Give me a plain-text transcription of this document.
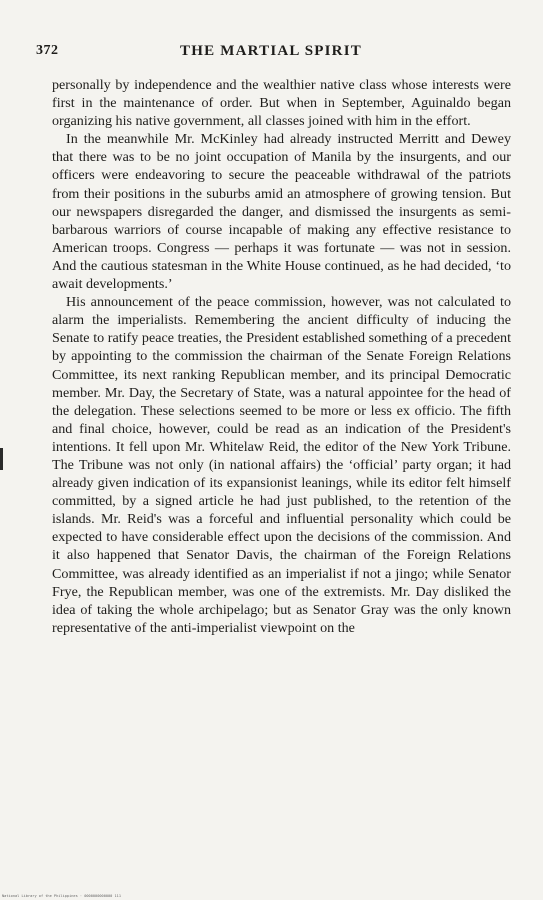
372	THE MARTIAL SPIRIT

personally by independence and the wealthier native class whose interests were first in the maintenance of order. But when in September, Aguinaldo began organizing his native government, all classes joined with him in the effort.

In the meanwhile Mr. McKinley had already instructed Merritt and Dewey that there was to be no joint occupation of Manila by the insurgents, and our officers were endeavoring to secure the peaceable withdrawal of the patriots from their positions in the suburbs amid an atmosphere of growing tension. But our newspapers disregarded the danger, and dismissed the insurgents as semi-barbarous warriors of course incapable of making any effective resistance to American troops. Congress — perhaps it was fortunate — was not in session. And the cautious statesman in the White House continued, as he had decided, ‘to await developments.’

His announcement of the peace commission, however, was not calculated to alarm the imperialists. Remembering the ancient difficulty of inducing the Senate to ratify peace treaties, the President established something of a precedent by appointing to the commission the chairman of the Senate Foreign Relations Committee, its next ranking Republican member, and its principal Democratic member. Mr. Day, the Secretary of State, was a natural appointee for the head of the delegation. These selections seemed to be more or less ex officio. The fifth and final choice, however, could be read as an indication of the President's intentions. It fell upon Mr. Whitelaw Reid, the editor of the New York Tribune. The Tribune was not only (in national affairs) the ‘official’ party organ; it had already given indication of its expansionist leanings, while its editor felt himself committed, by a signed article he had just published, to the retention of the islands. Mr. Reid's was a forceful and influential personality which could be expected to have considerable effect upon the decisions of the commission. And it also happened that Senator Davis, the chairman of the Foreign Relations Committee, was already identified as an imperialist if not a jingo; while Senator Frye, the Republican member, was one of the extremists. Mr. Day disliked the idea of taking the whole archipelago; but as Senator Gray was the only known representative of the anti-imperialist viewpoint on the

National Library of the Philippines · 0000000000000 111
